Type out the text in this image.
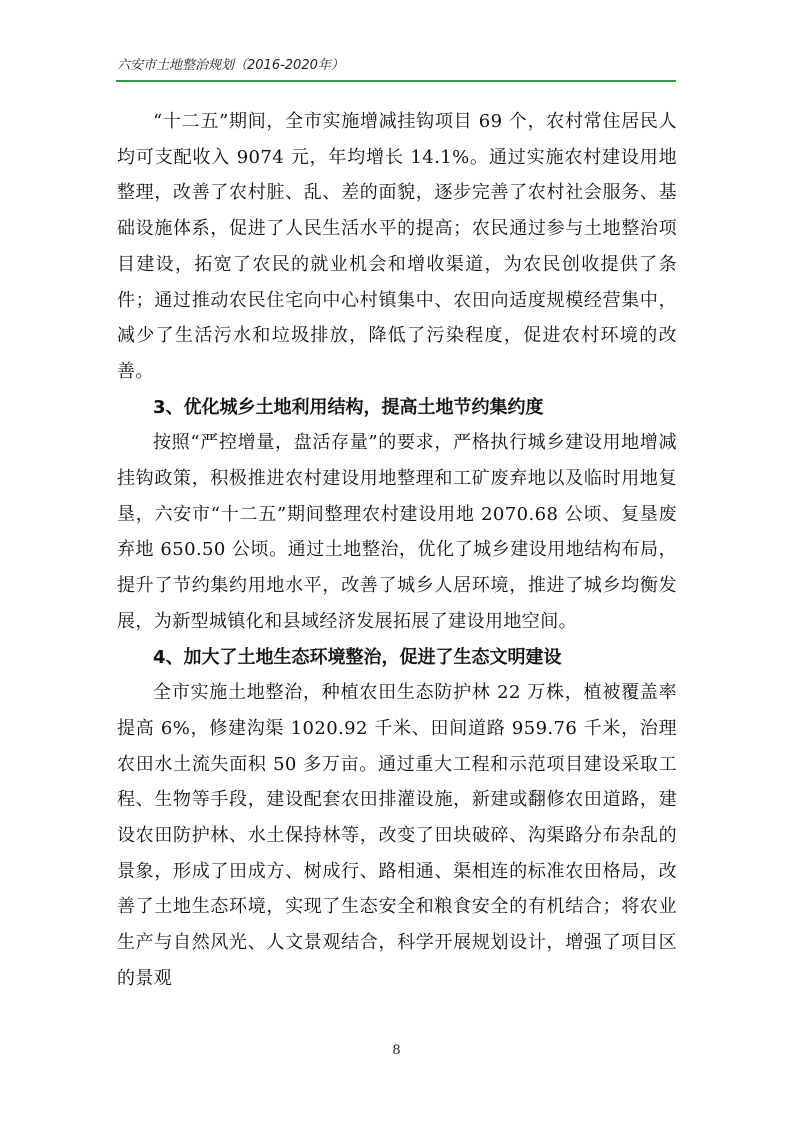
六安市土地整治规划（2016-2020年）

“十二五”期间，全市实施增减挂钩项目 69 个，农村常住居民人均可支配收入 9074 元，年均增长 14.1%。通过实施农村建设用地整理，改善了农村脏、乱、差的面貌，逐步完善了农村社会服务、基础设施体系，促进了人民生活水平的提高；农民通过参与土地整治项目建设，拓宽了农民的就业机会和增收渠道，为农民创收提供了条件；通过推动农民住宅向中心村镇集中、农田向适度规模经营集中，减少了生活污水和垃圾排放，降低了污染程度，促进农村环境的改善。

3、优化城乡土地利用结构，提高土地节约集约度

按照“严控增量，盘活存量”的要求，严格执行城乡建设用地增减挂钩政策，积极推进农村建设用地整理和工矿废弃地以及临时用地复垦，六安市“十二五”期间整理农村建设用地 2070.68 公顷、复垦废弃地 650.50 公顷。通过土地整治，优化了城乡建设用地结构布局，提升了节约集约用地水平，改善了城乡人居环境，推进了城乡均衡发展，为新型城镇化和县域经济发展拓展了建设用地空间。

4、加大了土地生态环境整治，促进了生态文明建设

全市实施土地整治，种植农田生态防护林 22 万株，植被覆盖率提高 6%，修建沟渠 1020.92 千米、田间道路 959.76 千米，治理农田水土流失面积 50 多万亩。通过重大工程和示范项目建设采取工程、生物等手段，建设配套农田排灌设施，新建或翻修农田道路，建设农田防护林、水土保持林等，改变了田块破碎、沟渠路分布杂乱的景象，形成了田成方、树成行、路相通、渠相连的标准农田格局，改善了土地生态环境，实现了生态安全和粮食安全的有机结合；将农业生产与自然风光、人文景观结合，科学开展规划设计，增强了项目区的景观

8
